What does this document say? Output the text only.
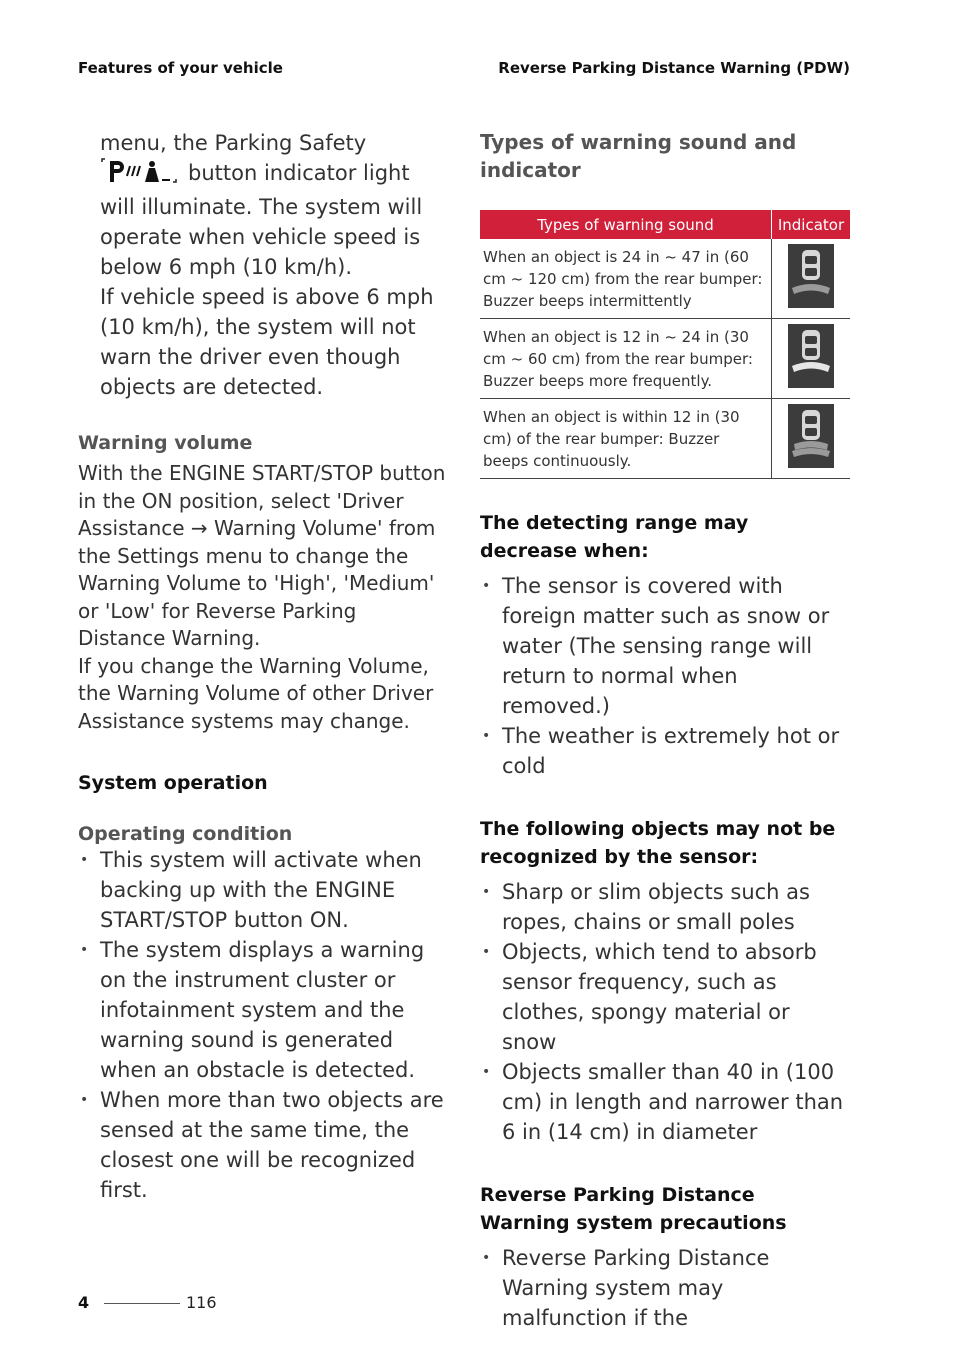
Features of your vehicle	Reverse Parking Distance Warning (PDW)

menu, the Parking Safety

button indicator light will illuminate. The system will operate when vehicle speed is below 6 mph (10 km/h).

If vehicle speed is above 6 mph (10 km/h), the system will not warn the driver even though objects are detected.

Warning volume

With the ENGINE START/STOP button in the ON position, select 'Driver Assistance → Warning Volume' from the Settings menu to change the Warning Volume to 'High', 'Medium' or 'Low' for Reverse Parking Distance Warning.

If you change the Warning Volume, the Warning Volume of other Driver Assistance systems may change.

System operation
Operating condition
• This system will activate when backing up with the ENGINE START/STOP button ON.
• The system displays a warning on the instrument cluster or infotainment system and the warning sound is generated when an obstacle is detected.
• When more than two objects are sensed at the same time, the closest one will be recognized first.
Types of warning sound and indicator
Types of warning sound	Indicator
When an object is 24 in ~ 47 in (60 cm ~ 120 cm) from the rear bumper: Buzzer beeps intermittently	
When an object is 12 in ~ 24 in (30 cm ~ 60 cm) from the rear bumper: Buzzer beeps more frequently.	
When an object is within 12 in (30 cm) of the rear bumper: Buzzer beeps continuously.	
The detecting range may decrease when:
• The sensor is covered with foreign matter such as snow or water (The sensing range will return to normal when removed.)
• The weather is extremely hot or cold
The following objects may not be recognized by the sensor:
• Sharp or slim objects such as ropes, chains or small poles
• Objects, which tend to absorb sensor frequency, such as clothes, spongy material or snow
• Objects smaller than 40 in (100 cm) in length and narrower than 6 in (14 cm) in diameter
Reverse Parking Distance Warning system precautions
• Reverse Parking Distance Warning system may malfunction if the
4	116
